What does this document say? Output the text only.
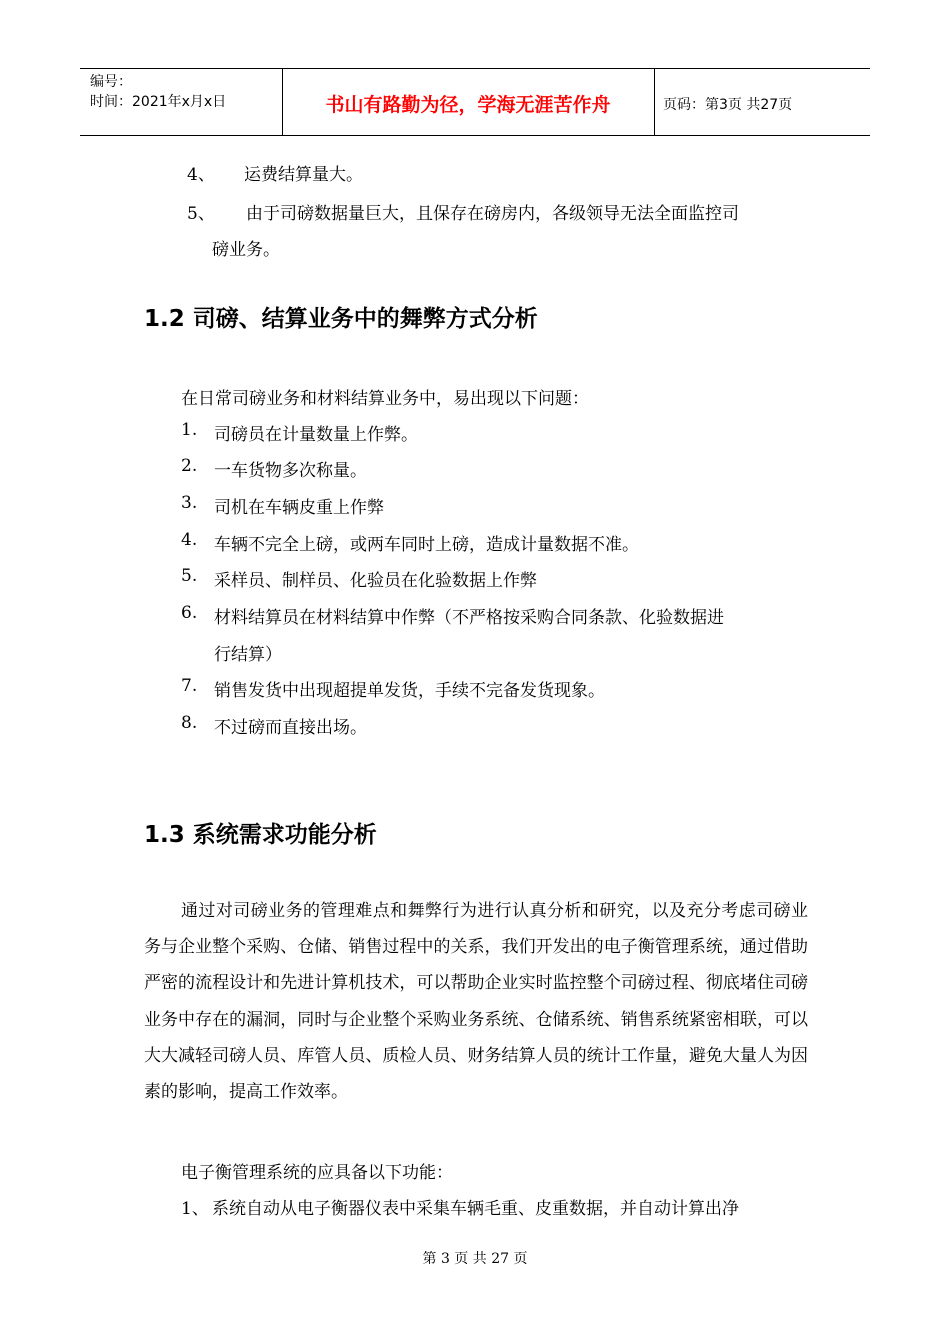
编号：
时间：2021年x月x日	书山有路勤为径，学海无涯苦作舟	页码：第3页 共27页
4、 运费结算量大。
5、 由于司磅数据量巨大，且保存在磅房内，各级领导无法全面监控司
磅业务。
1.2 司磅、结算业务中的舞弊方式分析
在日常司磅业务和材料结算业务中，易出现以下问题：
1. 司磅员在计量数量上作弊。
2. 一车货物多次称量。
3. 司机在车辆皮重上作弊
4. 车辆不完全上磅，或两车同时上磅，造成计量数据不准。
5. 采样员、制样员、化验员在化验数据上作弊
6. 材料结算员在材料结算中作弊（不严格按采购合同条款、化验数据进
行结算）
7. 销售发货中出现超提单发货，手续不完备发货现象。
8. 不过磅而直接出场。
1.3 系统需求功能分析
通过对司磅业务的管理难点和舞弊行为进行认真分析和研究，以及充分考虑司磅业务与企业整个采购、仓储、销售过程中的关系，我们开发出的电子衡管理系统，通过借助严密的流程设计和先进计算机技术，可以帮助企业实时监控整个司磅过程、彻底堵住司磅业务中存在的漏洞，同时与企业整个采购业务系统、仓储系统、销售系统紧密相联，可以大大减轻司磅人员、库管人员、质检人员、财务结算人员的统计工作量，避免大量人为因素的影响，提高工作效率。
电子衡管理系统的应具备以下功能：
1、 系统自动从电子衡器仪表中采集车辆毛重、皮重数据，并自动计算出净
第 3 页 共 27 页
